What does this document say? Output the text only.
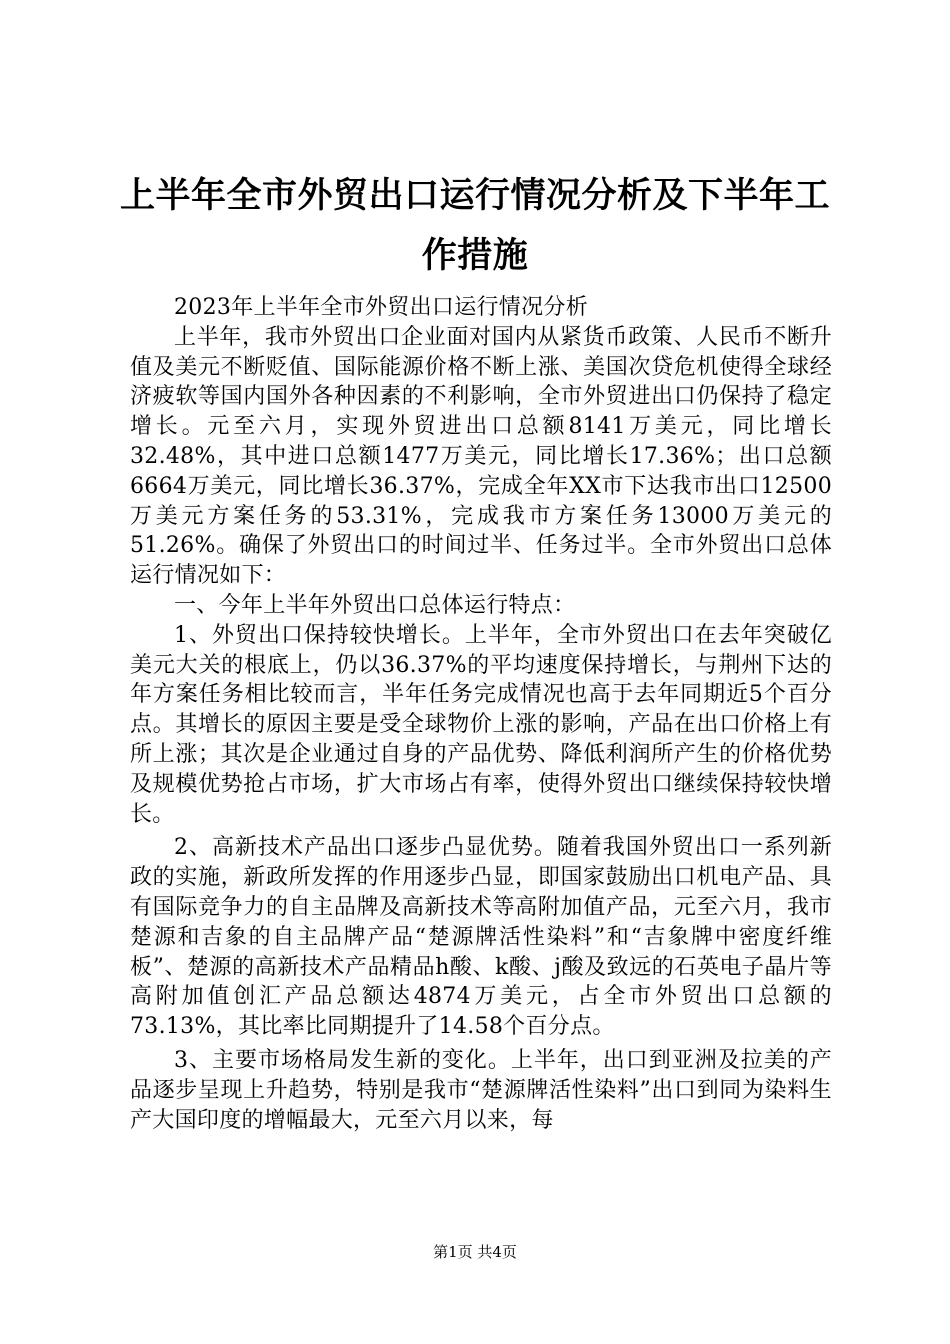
上半年全市外贸出口运行情况分析及下半年工作措施

2023年上半年全市外贸出口运行情况分析

上半年，我市外贸出口企业面对国内从紧货币政策、人民币不断升值及美元不断贬值、国际能源价格不断上涨、美国次贷危机使得全球经济疲软等国内国外各种因素的不利影响，全市外贸进出口仍保持了稳定增长。元至六月，实现外贸进出口总额8141万美元，同比增长32.48%，其中进口总额1477万美元，同比增长17.36%；出口总额6664万美元，同比增长36.37%，完成全年XX市下达我市出口12500万美元方案任务的53.31%，完成我市方案任务13000万美元的51.26%。确保了外贸出口的时间过半、任务过半。全市外贸出口总体运行情况如下：

一、今年上半年外贸出口总体运行特点：

1、外贸出口保持较快增长。上半年，全市外贸出口在去年突破亿美元大关的根底上，仍以36.37%的平均速度保持增长，与荆州下达的年方案任务相比较而言，半年任务完成情况也高于去年同期近5个百分点。其增长的原因主要是受全球物价上涨的影响，产品在出口价格上有所上涨；其次是企业通过自身的产品优势、降低利润所产生的价格优势及规模优势抢占市场，扩大市场占有率，使得外贸出口继续保持较快增长。

2、高新技术产品出口逐步凸显优势。随着我国外贸出口一系列新政的实施，新政所发挥的作用逐步凸显，即国家鼓励出口机电产品、具有国际竞争力的自主品牌及高新技术等高附加值产品，元至六月，我市楚源和吉象的自主品牌产品“楚源牌活性染料”和“吉象牌中密度纤维板”、楚源的高新技术产品精品h酸、k酸、j酸及致远的石英电子晶片等高附加值创汇产品总额达4874万美元，占全市外贸出口总额的73.13%，其比率比同期提升了14.58个百分点。

3、主要市场格局发生新的变化。上半年，出口到亚洲及拉美的产品逐步呈现上升趋势，特别是我市“楚源牌活性染料”出口到同为染料生产大国印度的增幅最大，元至六月以来，每

第1页 共4页
